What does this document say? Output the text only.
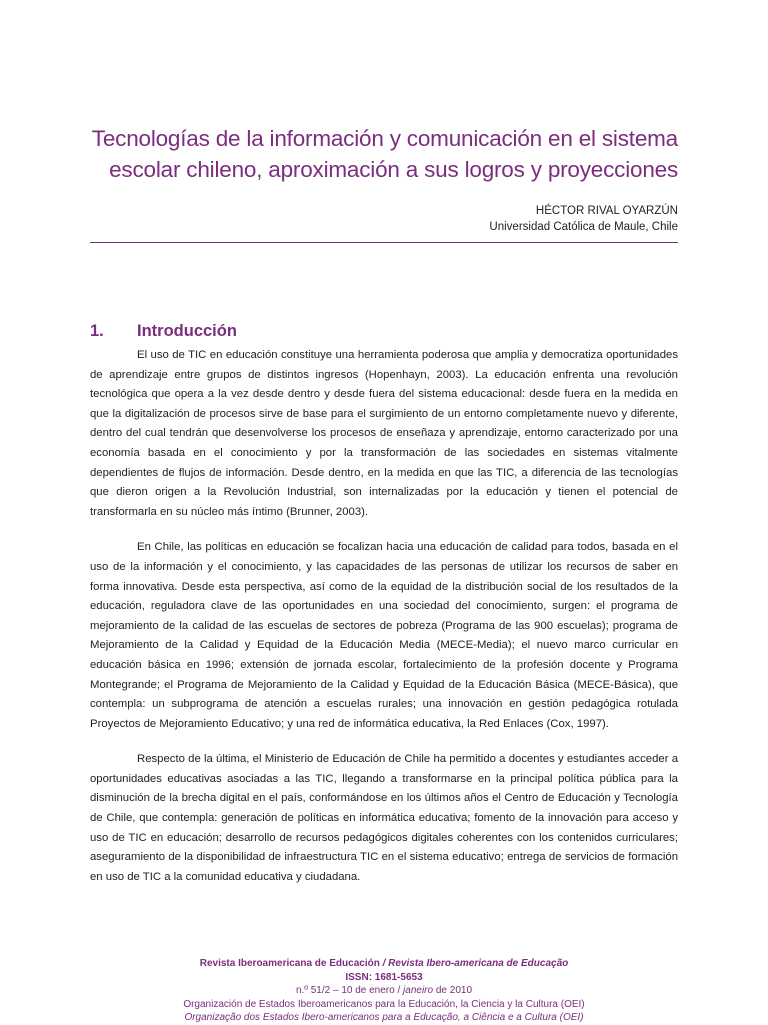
Tecnologías de la información y comunicación en el sistema
escolar chileno, aproximación a sus logros y proyecciones
HÉCTOR RIVAL OYARZÚN
Universidad Católica de Maule, Chile
1. Introducción

El uso de TIC en educación constituye una herramienta poderosa que amplia y democratiza oportunidades de aprendizaje entre grupos de distintos ingresos (Hopenhayn, 2003). La educación enfrenta una revolución tecnológica que opera a la vez desde dentro y desde fuera del sistema educacional: desde fuera en la medida en que la digitalización de procesos sirve de base para el surgimiento de un entorno completamente nuevo y diferente, dentro del cual tendrán que desenvolverse los procesos de enseñaza y aprendizaje, entorno caracterizado por una economía basada en el conocimiento y por la transformación de las sociedades en sistemas vitalmente dependientes de flujos de información. Desde dentro, en la medida en que las TIC, a diferencia de las tecnologías que dieron origen a la Revolución Industrial, son internalizadas por la educación y tienen el potencial de transformarla en su núcleo más íntimo (Brunner, 2003).

En Chile, las políticas en educación se focalizan hacia una educación de calidad para todos, basada en el uso de la información y el conocimiento, y las capacidades de las personas de utilizar los recursos de saber en forma innovativa. Desde esta perspectiva, así como de la equidad de la distribución social de los resultados de la educación, reguladora clave de las oportunidades en una sociedad del conocimiento, surgen: el programa de mejoramiento de la calidad de las escuelas de sectores de pobreza (Programa de las 900 escuelas); programa de Mejoramiento de la Calidad y Equidad de la Educación Media (MECE-Media); el nuevo marco curricular en educación básica en 1996; extensión de jornada escolar, fortalecimiento de la profesión docente y Programa Montegrande; el Programa de Mejoramiento de la Calidad y Equidad de la Educación Básica (MECE-Básica), que contempla: un subprograma de atención a escuelas rurales; una innovación en gestión pedagógica rotulada Proyectos de Mejoramiento Educativo; y una red de informática educativa, la Red Enlaces (Cox, 1997).

Respecto de la última, el Ministerio de Educación de Chile ha permitido a docentes y estudiantes acceder a oportunidades educativas asociadas a las TIC, llegando a transformarse en la principal política pública para la disminución de la brecha digital en el país, conformándose en los últimos años el Centro de Educación y Tecnología de Chile, que contempla: generación de políticas en informática educativa; fomento de la innovación para acceso y uso de TIC en educación; desarrollo de recursos pedagógicos digitales coherentes con los contenidos curriculares; aseguramiento de la disponibilidad de infraestructura TIC en el sistema educativo; entrega de servicios de formación en uso de TIC a la comunidad educativa y ciudadana.

Revista Iberoamericana de Educación / Revista Ibero-americana de Educação
ISSN: 1681-5653
n.º 51/2 – 10 de enero / janeiro de 2010
Organización de Estados Iberoamericanos para la Educación, la Ciencia y la Cultura (OEI)
Organização dos Estados Ibero-americanos para a Educação, a Ciência e a Cultura (OEI)
